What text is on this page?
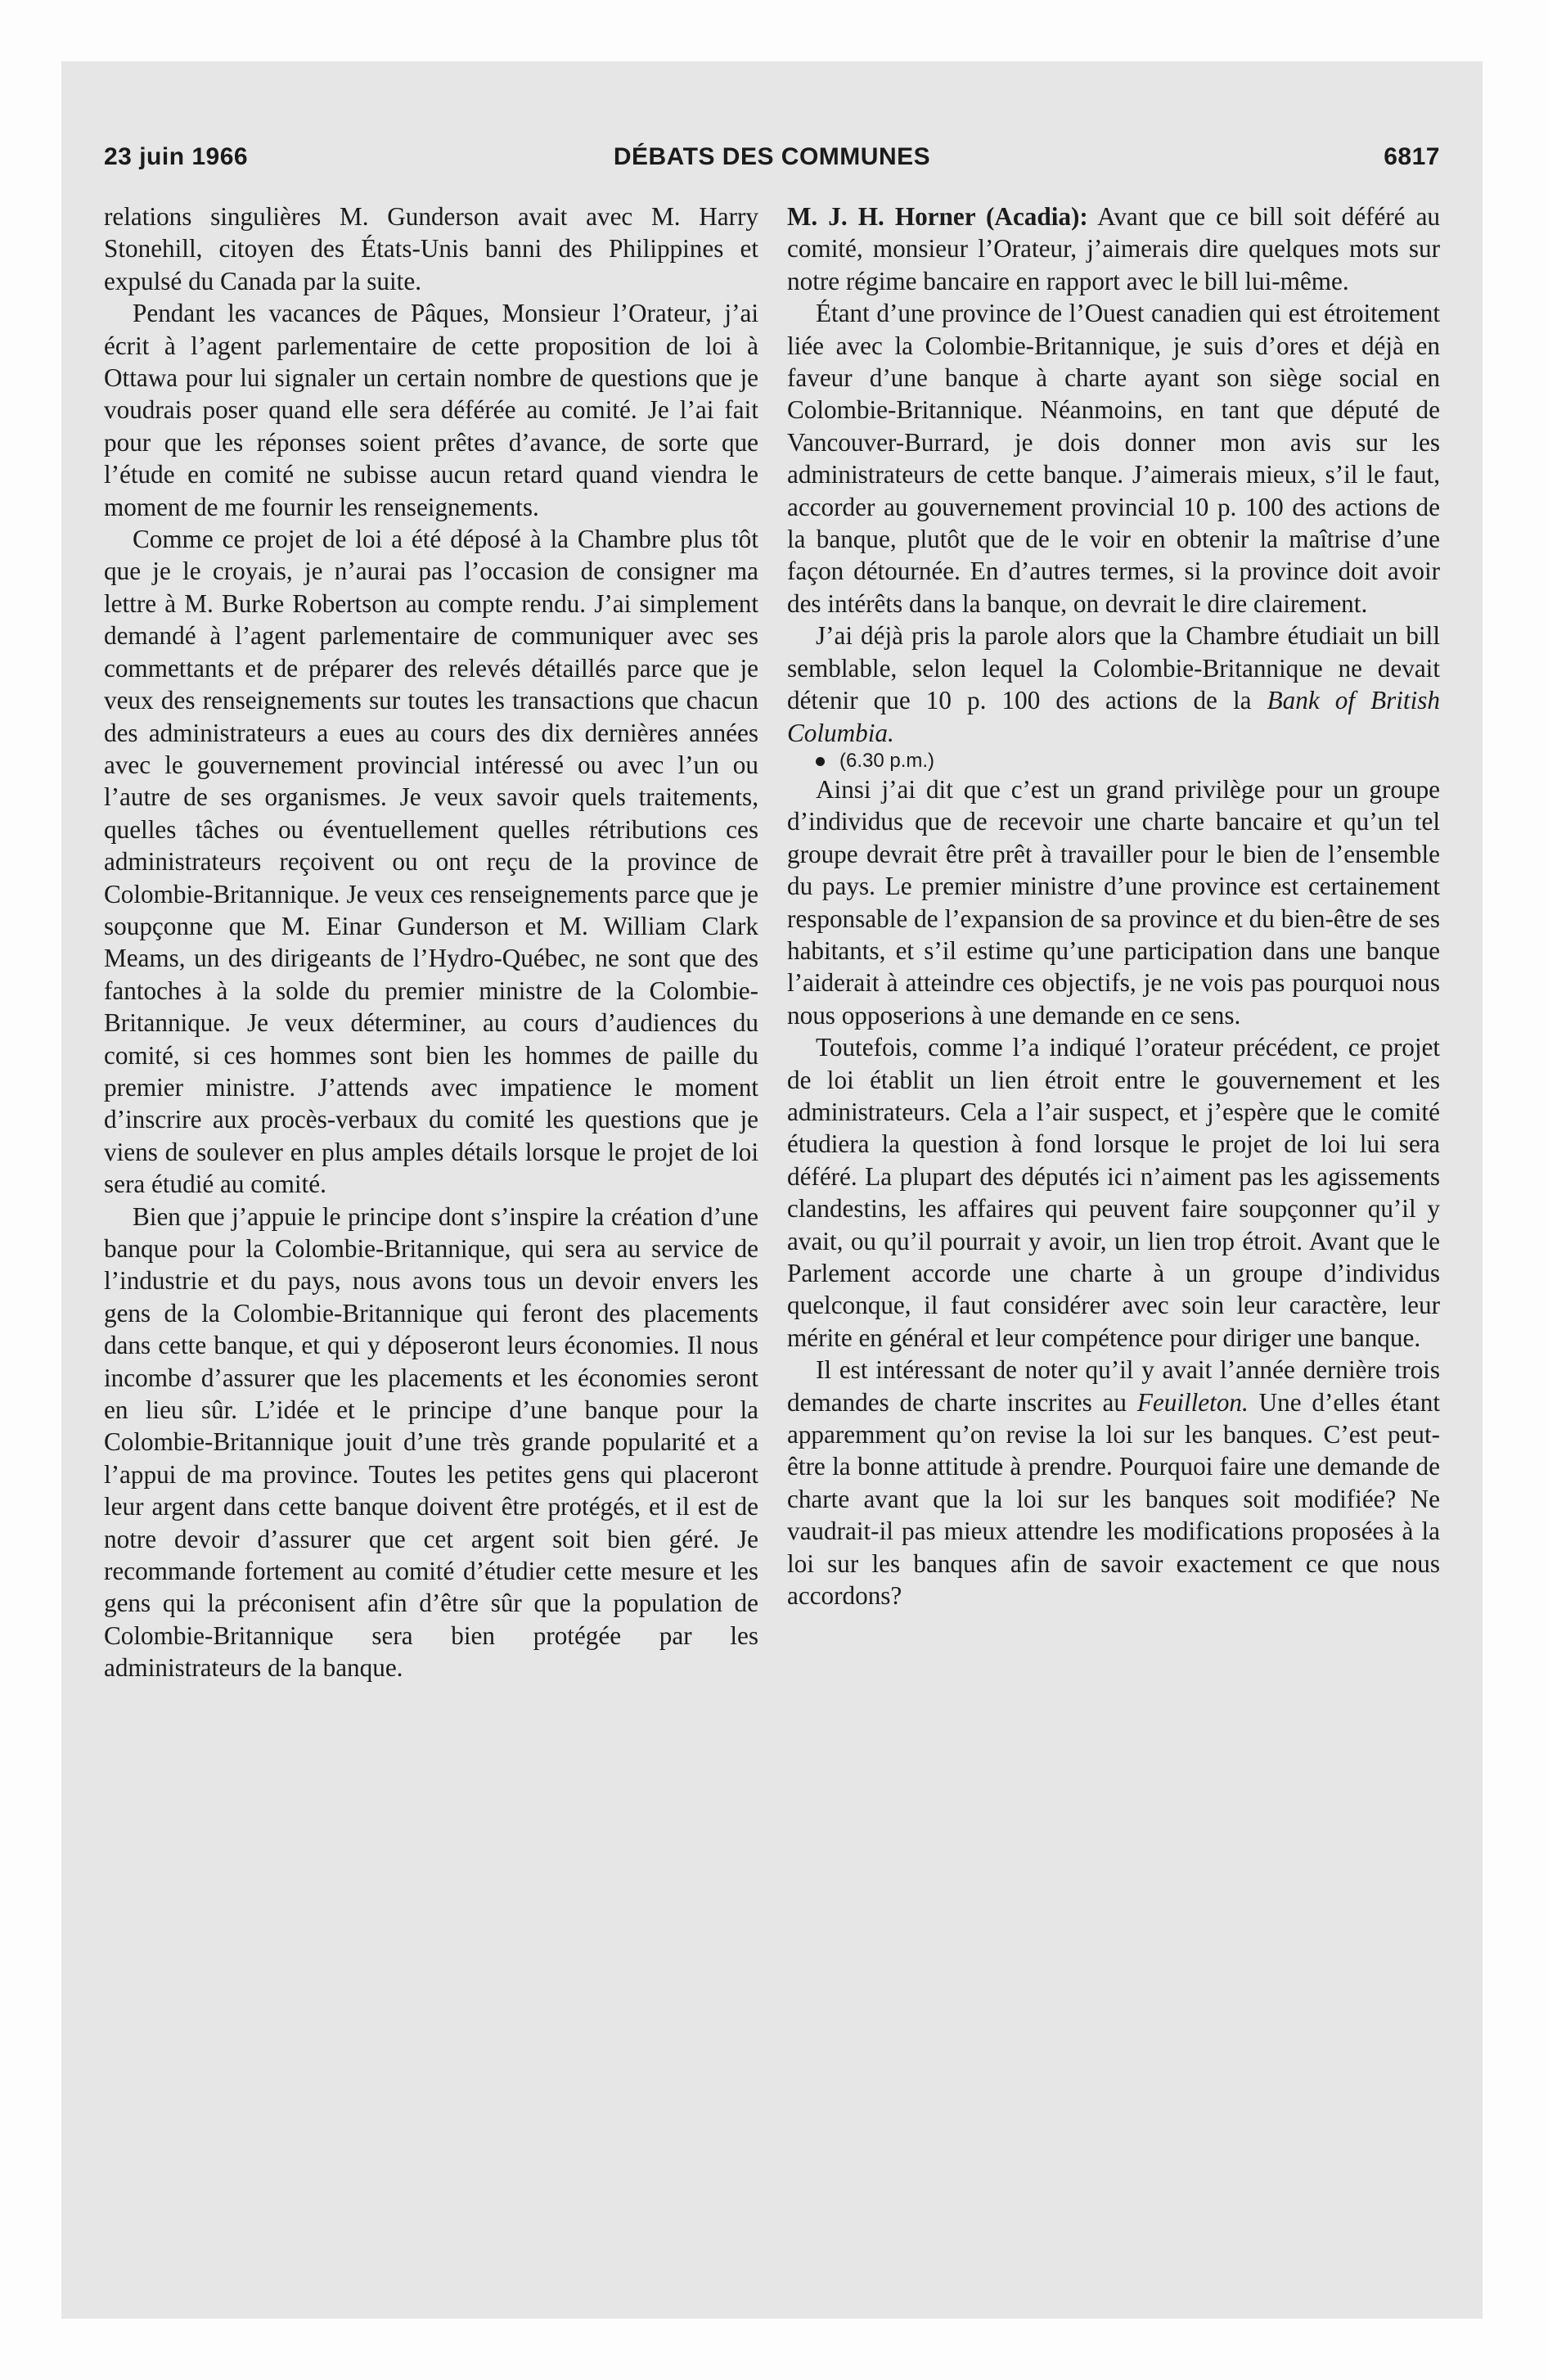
23 juin 1966	DÉBATS DES COMMUNES	6817

relations singulières M. Gunderson avait avec M. Harry Stonehill, citoyen des États-Unis banni des Philippines et expulsé du Canada par la suite.

Pendant les vacances de Pâques, Monsieur l’Orateur, j’ai écrit à l’agent parlementaire de cette proposition de loi à Ottawa pour lui signaler un certain nombre de questions que je voudrais poser quand elle sera déférée au comité. Je l’ai fait pour que les réponses soient prêtes d’avance, de sorte que l’étude en comité ne subisse aucun retard quand viendra le moment de me fournir les renseignements.

Comme ce projet de loi a été déposé à la Chambre plus tôt que je le croyais, je n’aurai pas l’occasion de consigner ma lettre à M. Burke Robertson au compte rendu. J’ai simplement demandé à l’agent parlementaire de communiquer avec ses commettants et de préparer des relevés détaillés parce que je veux des renseignements sur toutes les transactions que chacun des administrateurs a eues au cours des dix dernières années avec le gouvernement provincial intéressé ou avec l’un ou l’autre de ses organismes. Je veux savoir quels traitements, quelles tâches ou éventuellement quelles rétributions ces administrateurs reçoivent ou ont reçu de la province de Colombie-Britannique. Je veux ces renseignements parce que je soupçonne que M. Einar Gunderson et M. William Clark Meams, un des dirigeants de l’Hydro-Québec, ne sont que des fantoches à la solde du premier ministre de la Colombie-Britannique. Je veux déterminer, au cours d’audiences du comité, si ces hommes sont bien les hommes de paille du premier ministre. J’attends avec impatience le moment d’inscrire aux procès-verbaux du comité les questions que je viens de soulever en plus amples détails lorsque le projet de loi sera étudié au comité.

Bien que j’appuie le principe dont s’inspire la création d’une banque pour la Colombie-Britannique, qui sera au service de l’industrie et du pays, nous avons tous un devoir envers les gens de la Colombie-Britannique qui feront des placements dans cette banque, et qui y déposeront leurs économies. Il nous incombe d’assurer que les placements et les économies seront en lieu sûr. L’idée et le principe d’une banque pour la Colombie-Britannique jouit d’une très grande popularité et a l’appui de ma province. Toutes les petites gens qui placeront leur argent dans cette banque doivent être protégés, et il est de notre devoir d’assurer que cet argent soit bien géré. Je recommande fortement au comité d’étudier cette mesure et les gens qui la préconisent afin d’être sûr que la population de Colombie-Britannique sera bien protégée par les administrateurs de la banque.

M. J. H. Horner (Acadia): Avant que ce bill soit déféré au comité, monsieur l’Orateur, j’aimerais dire quelques mots sur notre régime bancaire en rapport avec le bill lui-même.

Étant d’une province de l’Ouest canadien qui est étroitement liée avec la Colombie-Britannique, je suis d’ores et déjà en faveur d’une banque à charte ayant son siège social en Colombie-Britannique. Néanmoins, en tant que député de Vancouver-Burrard, je dois donner mon avis sur les administrateurs de cette banque. J’aimerais mieux, s’il le faut, accorder au gouvernement provincial 10 p. 100 des actions de la banque, plutôt que de le voir en obtenir la maîtrise d’une façon détournée. En d’autres termes, si la province doit avoir des intérêts dans la banque, on devrait le dire clairement.

J’ai déjà pris la parole alors que la Chambre étudiait un bill semblable, selon lequel la Colombie-Britannique ne devait détenir que 10 p. 100 des actions de la Bank of British Columbia.

(6.30 p.m.)

Ainsi j’ai dit que c’est un grand privilège pour un groupe d’individus que de recevoir une charte bancaire et qu’un tel groupe devrait être prêt à travailler pour le bien de l’ensemble du pays. Le premier ministre d’une province est certainement responsable de l’expansion de sa province et du bien-être de ses habitants, et s’il estime qu’une participation dans une banque l’aiderait à atteindre ces objectifs, je ne vois pas pourquoi nous nous opposerions à une demande en ce sens.

Toutefois, comme l’a indiqué l’orateur précédent, ce projet de loi établit un lien étroit entre le gouvernement et les administrateurs. Cela a l’air suspect, et j’espère que le comité étudiera la question à fond lorsque le projet de loi lui sera déféré. La plupart des députés ici n’aiment pas les agissements clandestins, les affaires qui peuvent faire soupçonner qu’il y avait, ou qu’il pourrait y avoir, un lien trop étroit. Avant que le Parlement accorde une charte à un groupe d’individus quelconque, il faut considérer avec soin leur caractère, leur mérite en général et leur compétence pour diriger une banque.

Il est intéressant de noter qu’il y avait l’année dernière trois demandes de charte inscrites au Feuilleton. Une d’elles étant apparemment qu’on revise la loi sur les banques. C’est peut-être la bonne attitude à prendre. Pourquoi faire une demande de charte avant que la loi sur les banques soit modifiée? Ne vaudrait-il pas mieux attendre les modifications proposées à la loi sur les banques afin de savoir exactement ce que nous accordons?
